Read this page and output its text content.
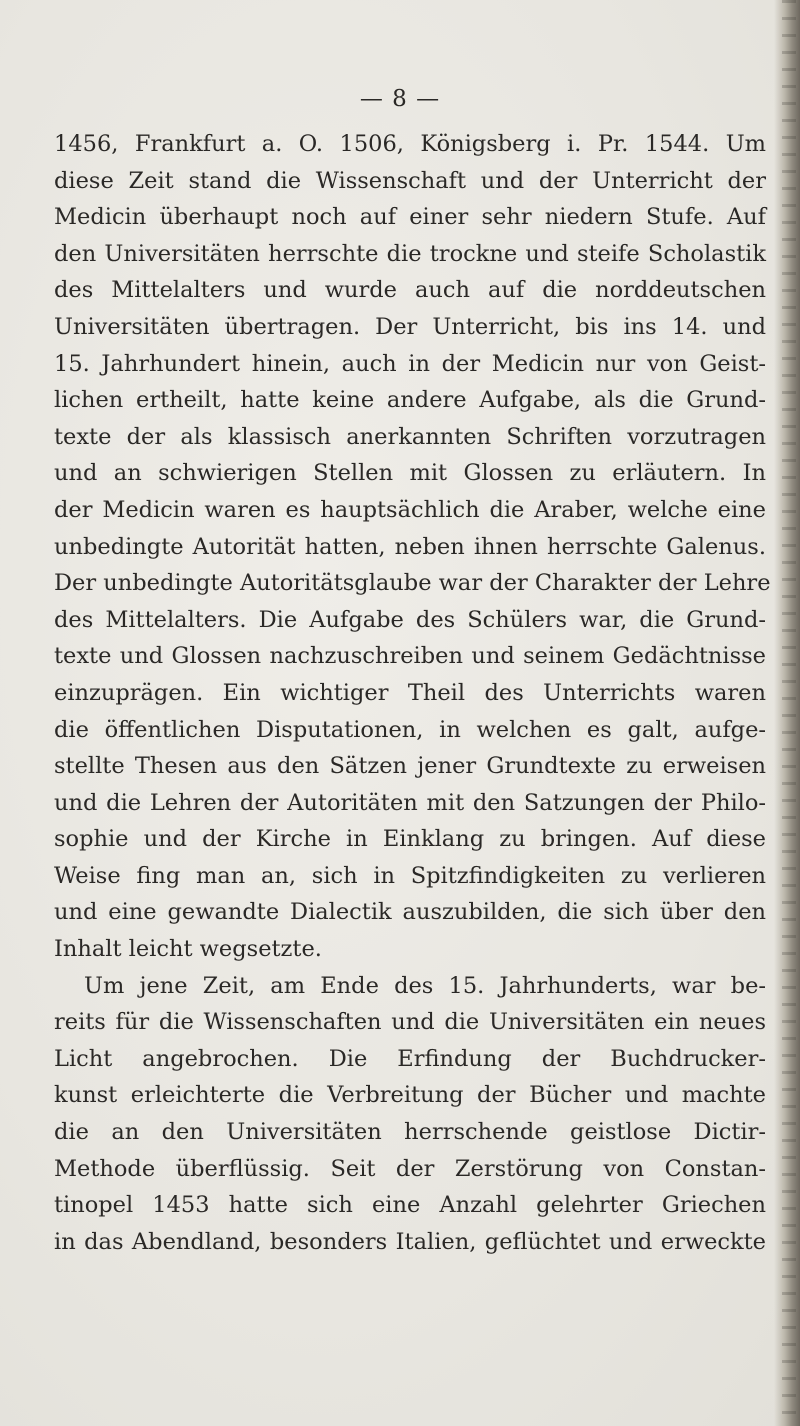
— 8 —
1456, Frankfurt a. O. 1506, Königsberg i. Pr. 1544. Um
diese Zeit stand die Wissenschaft und der Unterricht der
Medicin überhaupt noch auf einer sehr niedern Stufe. Auf
den Universitäten herrschte die trockne und steife Scholastik
des Mittelalters und wurde auch auf die norddeutschen
Universitäten übertragen. Der Unterricht, bis ins 14. und
15. Jahrhundert hinein, auch in der Medicin nur von Geist-
lichen ertheilt, hatte keine andere Aufgabe, als die Grund-
texte der als klassisch anerkannten Schriften vorzutragen
und an schwierigen Stellen mit Glossen zu erläutern. In
der Medicin waren es hauptsächlich die Araber, welche eine
unbedingte Autorität hatten, neben ihnen herrschte Galenus.
Der unbedingte Autoritätsglaube war der Charakter der Lehre
des Mittelalters. Die Aufgabe des Schülers war, die Grund-
texte und Glossen nachzuschreiben und seinem Gedächtnisse
einzuprägen. Ein wichtiger Theil des Unterrichts waren
die öffentlichen Disputationen, in welchen es galt, aufge-
stellte Thesen aus den Sätzen jener Grundtexte zu erweisen
und die Lehren der Autoritäten mit den Satzungen der Philo-
sophie und der Kirche in Einklang zu bringen. Auf diese
Weise fing man an, sich in Spitzfindigkeiten zu verlieren
und eine gewandte Dialectik auszubilden, die sich über den
Inhalt leicht wegsetzte.
Um jene Zeit, am Ende des 15. Jahrhunderts, war be-
reits für die Wissenschaften und die Universitäten ein neues
Licht angebrochen. Die Erfindung der Buchdrucker-
kunst erleichterte die Verbreitung der Bücher und machte
die an den Universitäten herrschende geistlose Dictir-
Methode überflüssig. Seit der Zerstörung von Constan-
tinopel 1453 hatte sich eine Anzahl gelehrter Griechen
in das Abendland, besonders Italien, geflüchtet und erweckte
